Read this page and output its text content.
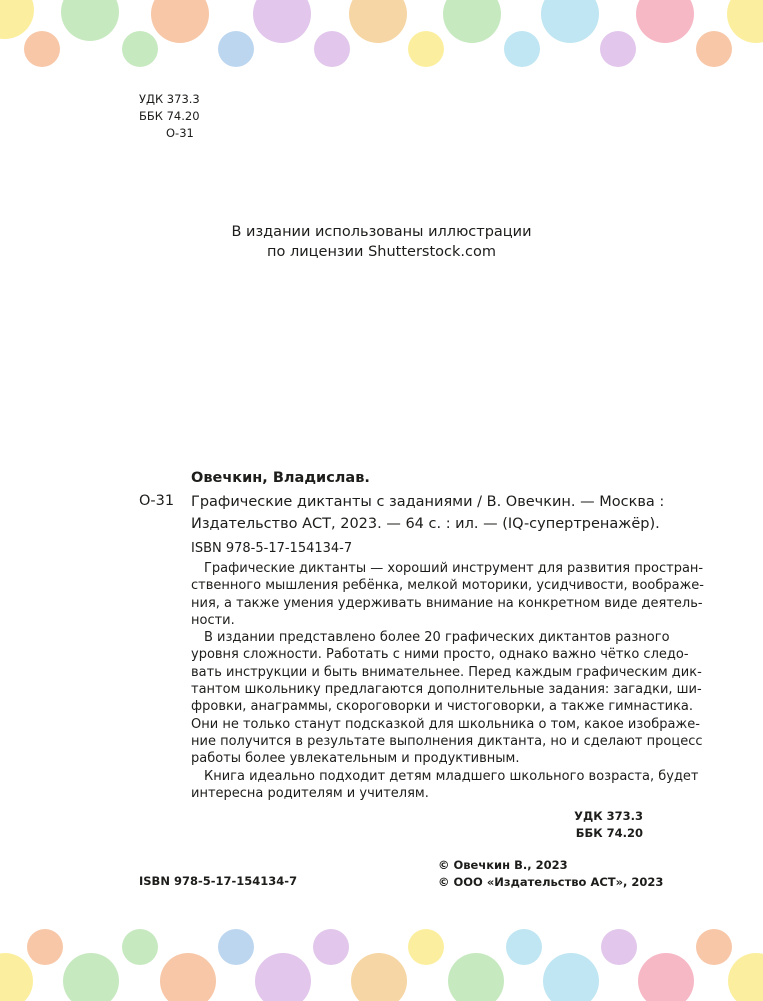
УДК 373.3
ББК 74.20
О-31
В издании использованы иллюстрации
по лицензии Shutterstock.com
Овечкин, Владислав.
О-31 Графические диктанты с заданиями / В. Овечкин. — Москва :
Издательство АСТ, 2023. — 64 с. : ил. — (IQ-супертренажёр).
ISBN 978-5-17-154134-7
Графические диктанты — хороший инструмент для развития простран-
ственного мышления ребёнка, мелкой моторики, усидчивости, воображе-
ния, а также умения удерживать внимание на конкретном виде деятель-
ности.
В издании представлено более 20 графических диктантов разного
уровня сложности. Работать с ними просто, однако важно чётко следо-
вать инструкции и быть внимательнее. Перед каждым графическим дик-
тантом школьнику предлагаются дополнительные задания: загадки, ши-
фровки, анаграммы, скороговорки и чистоговорки, а также гимнастика.
Они не только станут подсказкой для школьника о том, какое изображе-
ние получится в результате выполнения диктанта, но и сделают процесс
работы более увлекательным и продуктивным.
Книга идеально подходит детям младшего школьного возраста, будет
интересна родителям и учителям.
УДК 373.3
ББК 74.20
© Овечкин В., 2023
© ООО «Издательство АСТ», 2023
ISBN 978-5-17-154134-7
